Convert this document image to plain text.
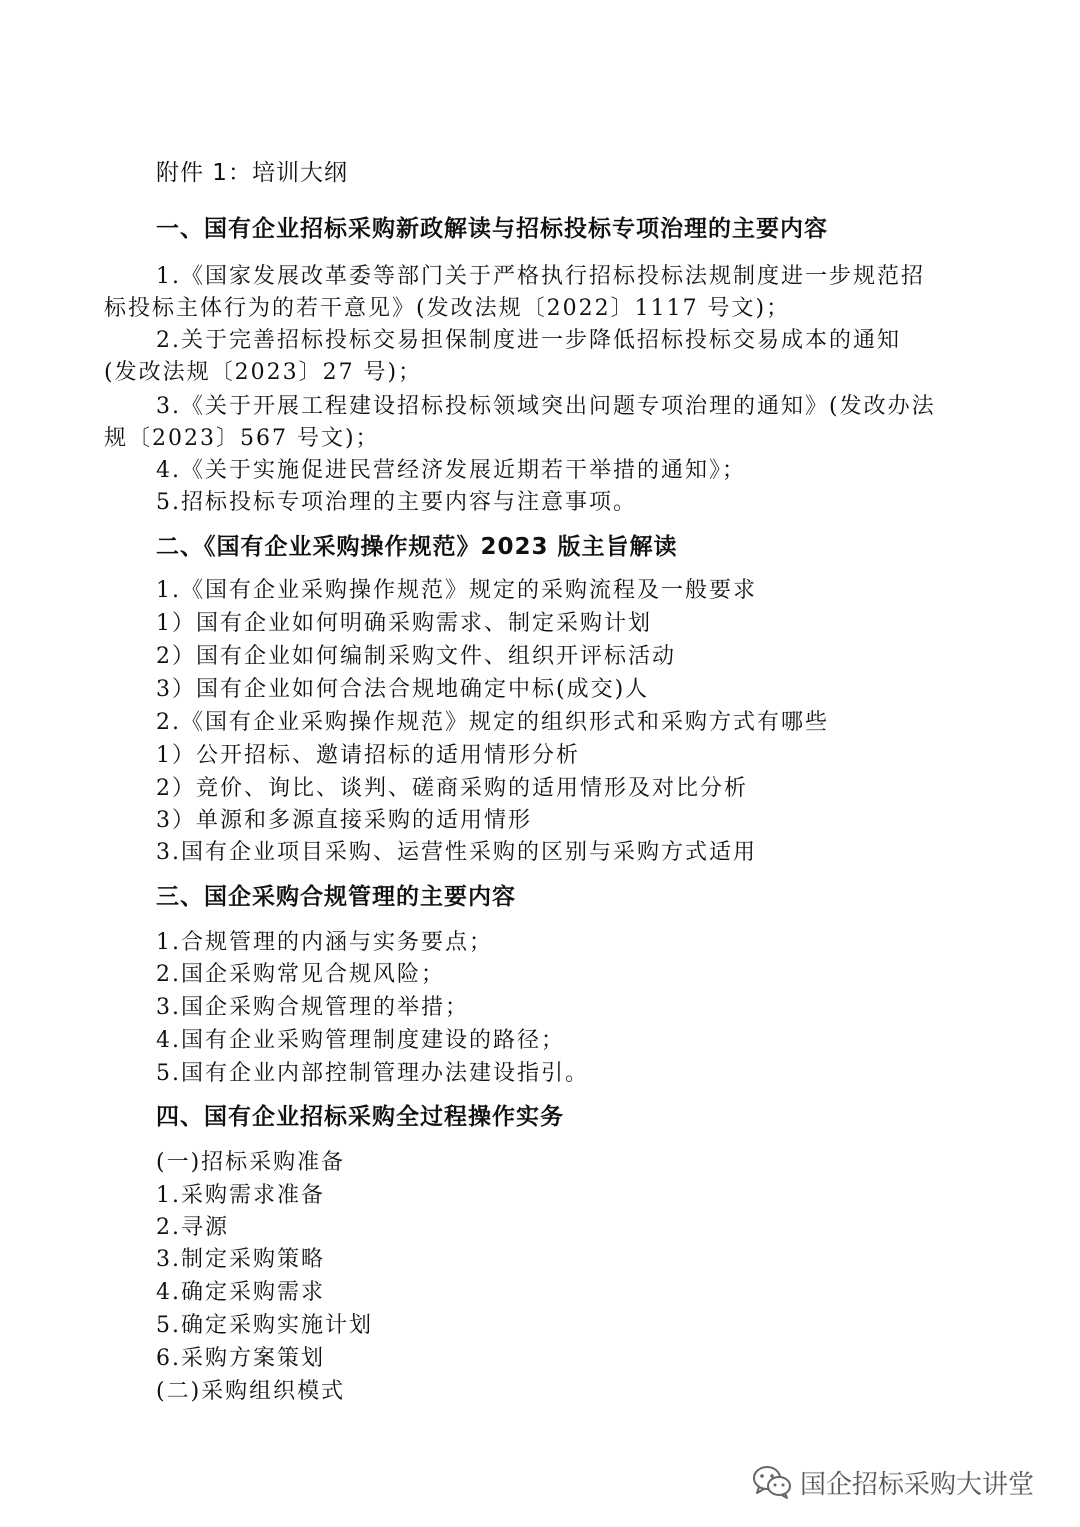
附件 1：培训大纲
一、国有企业招标采购新政解读与招标投标专项治理的主要内容
1.《国家发展改革委等部门关于严格执行招标投标法规制度进一步规范招
标投标主体行为的若干意见》(发改法规〔2022〕1117 号文)；
2.关于完善招标投标交易担保制度进一步降低招标投标交易成本的通知
(发改法规〔2023〕27 号)；
3.《关于开展工程建设招标投标领域突出问题专项治理的通知》(发改办法
规〔2023〕567 号文)；
4.《关于实施促进民营经济发展近期若干举措的通知》；
5.招标投标专项治理的主要内容与注意事项。
二、《国有企业采购操作规范》2023 版主旨解读
1.《国有企业采购操作规范》规定的采购流程及一般要求
1）国有企业如何明确采购需求、制定采购计划
2）国有企业如何编制采购文件、组织开评标活动
3）国有企业如何合法合规地确定中标(成交)人
2.《国有企业采购操作规范》规定的组织形式和采购方式有哪些
1）公开招标、邀请招标的适用情形分析
2）竞价、询比、谈判、磋商采购的适用情形及对比分析
3）单源和多源直接采购的适用情形
3.国有企业项目采购、运营性采购的区别与采购方式适用
三、国企采购合规管理的主要内容
1.合规管理的内涵与实务要点；
2.国企采购常见合规风险；
3.国企采购合规管理的举措；
4.国有企业采购管理制度建设的路径；
5.国有企业内部控制管理办法建设指引。
四、国有企业招标采购全过程操作实务
(一)招标采购准备
1.采购需求准备
2.寻源
3.制定采购策略
4.确定采购需求
5.确定采购实施计划
6.采购方案策划
(二)采购组织模式
国企招标采购大讲堂
